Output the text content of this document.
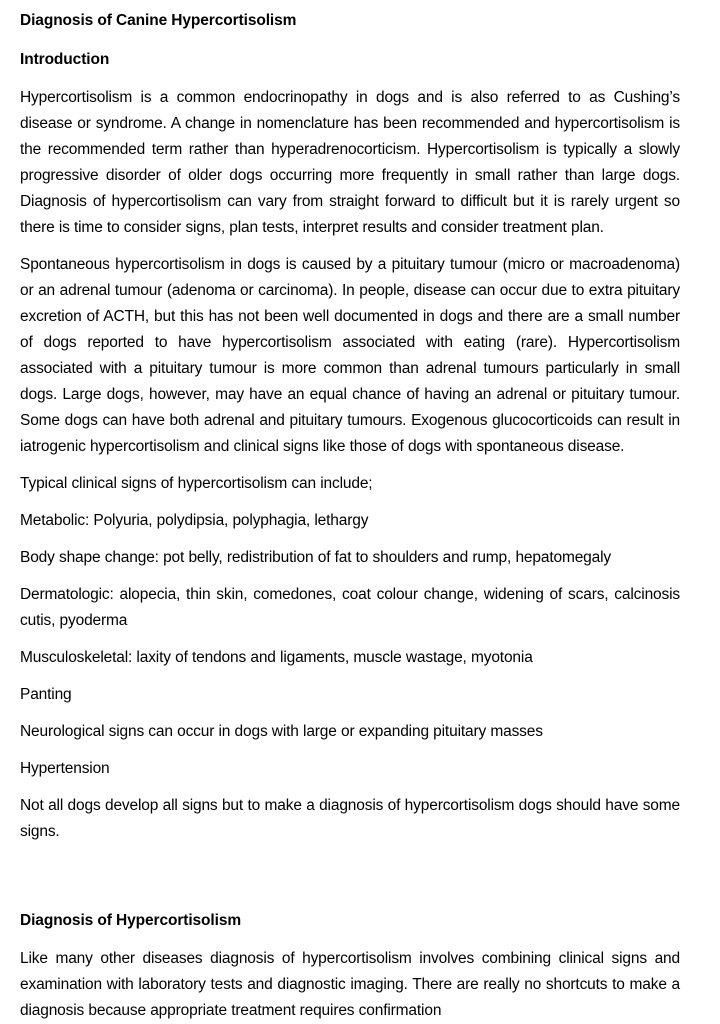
Diagnosis of Canine Hypercortisolism
Introduction

Hypercortisolism is a common endocrinopathy in dogs and is also referred to as Cushing’s disease or syndrome. A change in nomenclature has been recommended and hypercortisolism is the recommended term rather than hyperadrenocorticism. Hypercortisolism is typically a slowly progressive disorder of older dogs occurring more frequently in small rather than large dogs. Diagnosis of hypercortisolism can vary from straight forward to difficult but it is rarely urgent so there is time to consider signs, plan tests, interpret results and consider treatment plan.

Spontaneous hypercortisolism in dogs is caused by a pituitary tumour (micro or macroadenoma) or an adrenal tumour (adenoma or carcinoma). In people, disease can occur due to extra pituitary excretion of ACTH, but this has not been well documented in dogs and there are a small number of dogs reported to have hypercortisolism associated with eating (rare). Hypercortisolism associated with a pituitary tumour is more common than adrenal tumours particularly in small dogs. Large dogs, however, may have an equal chance of having an adrenal or pituitary tumour.  Some dogs can have both adrenal and pituitary tumours. Exogenous glucocorticoids can result in iatrogenic hypercortisolism and clinical signs like those of dogs with spontaneous disease.

Typical clinical signs of hypercortisolism can include;

Metabolic: Polyuria, polydipsia, polyphagia, lethargy

Body shape change: pot belly, redistribution of fat to shoulders and rump, hepatomegaly

Dermatologic: alopecia, thin skin, comedones, coat colour change, widening of scars, calcinosis cutis, pyoderma

Musculoskeletal: laxity of tendons and ligaments, muscle wastage, myotonia

Panting

Neurological signs can occur in dogs with large or expanding pituitary masses

Hypertension

Not all dogs develop all signs but to make a diagnosis of hypercortisolism dogs should have some signs.

Diagnosis of Hypercortisolism

Like many other diseases diagnosis of hypercortisolism involves combining clinical signs and examination with laboratory tests and diagnostic imaging. There are really no shortcuts to make a diagnosis because appropriate treatment requires confirmation
